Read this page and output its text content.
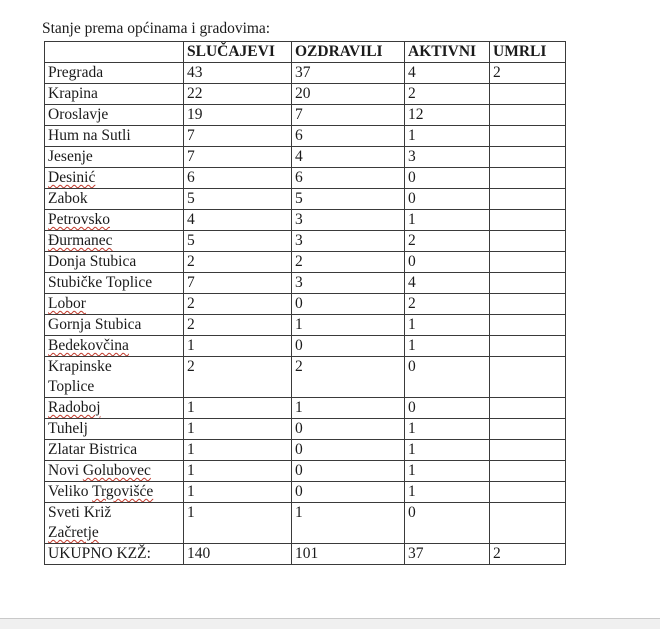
Stanje prema općinama i gradovima:

	SLUČAJEVI	OZDRAVILI	AKTIVNI	UMRLI
Pregrada	43	37	4	2
Krapina	22	20	2	
Oroslavje	19	7	12	
Hum na Sutli	7	6	1	
Jesenje	7	4	3	
Desinić	6	6	0	
Zabok	5	5	0	
Petrovsko	4	3	1	
Đurmanec	5	3	2	
Donja Stubica	2	2	0	
Stubičke Toplice	7	3	4	
Lobor	2	0	2	
Gornja Stubica	2	1	1	
Bedekovčina	1	0	1	
Krapinske
Toplice	2	2	0	
Radoboj	1	1	0	
Tuhelj	1	0	1	
Zlatar Bistrica	1	0	1	
Novi Golubovec	1	0	1	
Veliko Trgovišće	1	0	1	
Sveti Križ
Začretje	1	1	0	
UKUPNO KZŽ:	140	101	37	2
